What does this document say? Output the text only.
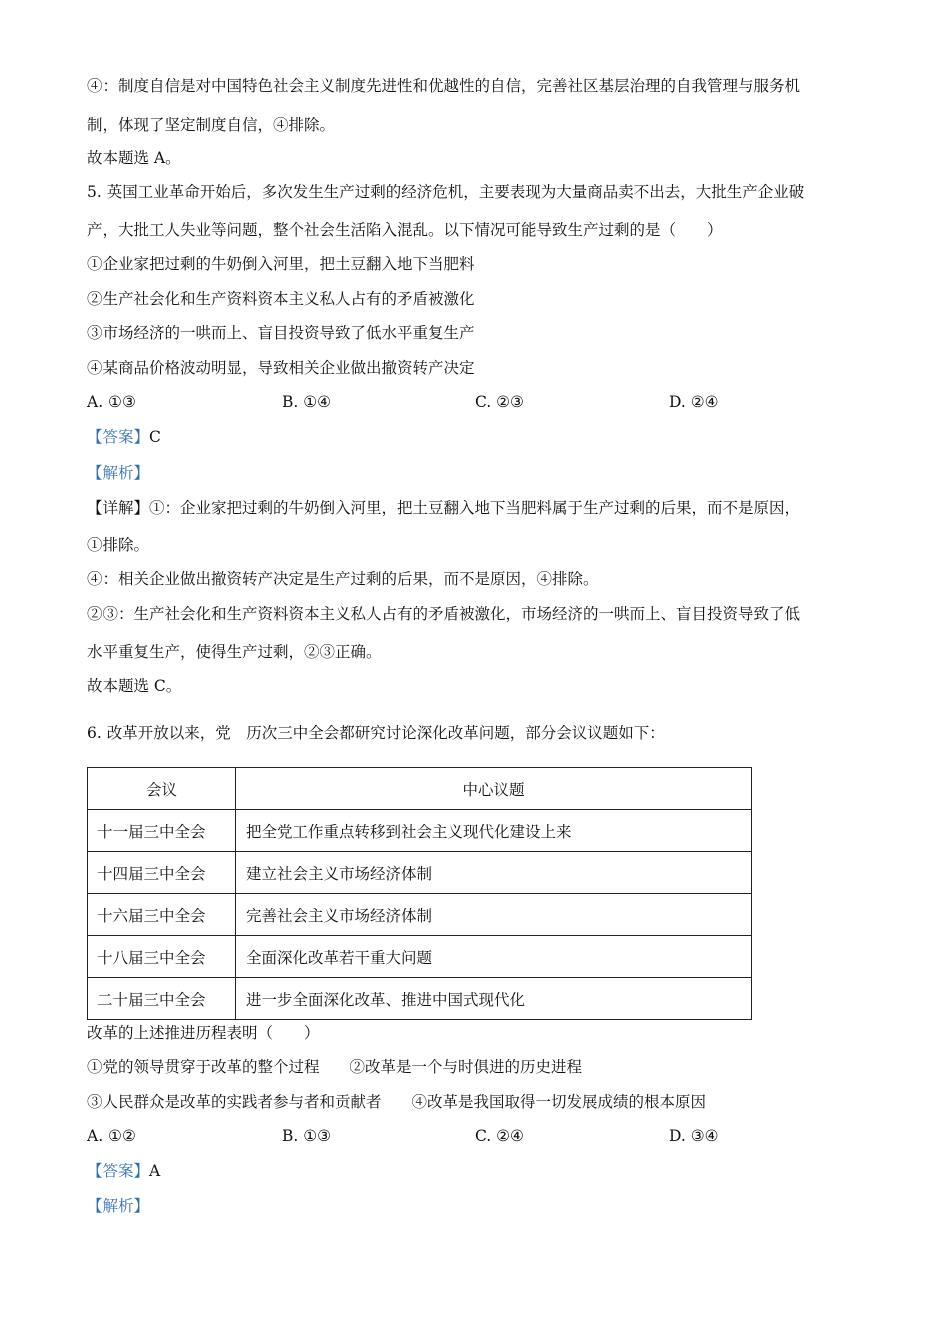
④：制度自信是对中国特色社会主义制度先进性和优越性的自信，完善社区基层治理的自我管理与服务机
制，体现了坚定制度自信，④排除。
故本题选 A。
5. 英国工业革命开始后，多次发生生产过剩的经济危机，主要表现为大量商品卖不出去，大批生产企业破
产，大批工人失业等问题，整个社会生活陷入混乱。以下情况可能导致生产过剩的是（　　）
①企业家把过剩的牛奶倒入河里，把土豆翻入地下当肥料
②生产社会化和生产资料资本主义私人占有的矛盾被激化
③市场经济的一哄而上、盲目投资导致了低水平重复生产
④某商品价格波动明显，导致相关企业做出撤资转产决定
A. ①③	B. ①④	C. ②③	D. ②④
【答案】C
【解析】
【详解】①：企业家把过剩的牛奶倒入河里，把土豆翻入地下当肥料属于生产过剩的后果，而不是原因，
①排除。
④：相关企业做出撤资转产决定是生产过剩的后果，而不是原因，④排除。
②③：生产社会化和生产资料资本主义私人占有的矛盾被激化，市场经济的一哄而上、盲目投资导致了低
水平重复生产，使得生产过剩，②③正确。
故本题选 C。
6. 改革开放以来，党　历次三中全会都研究讨论深化改革问题，部分会议议题如下：
会议	中心议题
十一届三中全会	把全党工作重点转移到社会主义现代化建设上来
十四届三中全会	建立社会主义市场经济体制
十六届三中全会	完善社会主义市场经济体制
十八届三中全会	全面深化改革若干重大问题
二十届三中全会	进一步全面深化改革、推进中国式现代化
改革的上述推进历程表明（　　）
①党的领导贯穿于改革的整个过程 ②改革是一个与时俱进的历史进程
③人民群众是改革的实践者参与者和贡献者 ④改革是我国取得一切发展成绩的根本原因
A. ①②	B. ①③	C. ②④	D. ③④
【答案】A
【解析】
